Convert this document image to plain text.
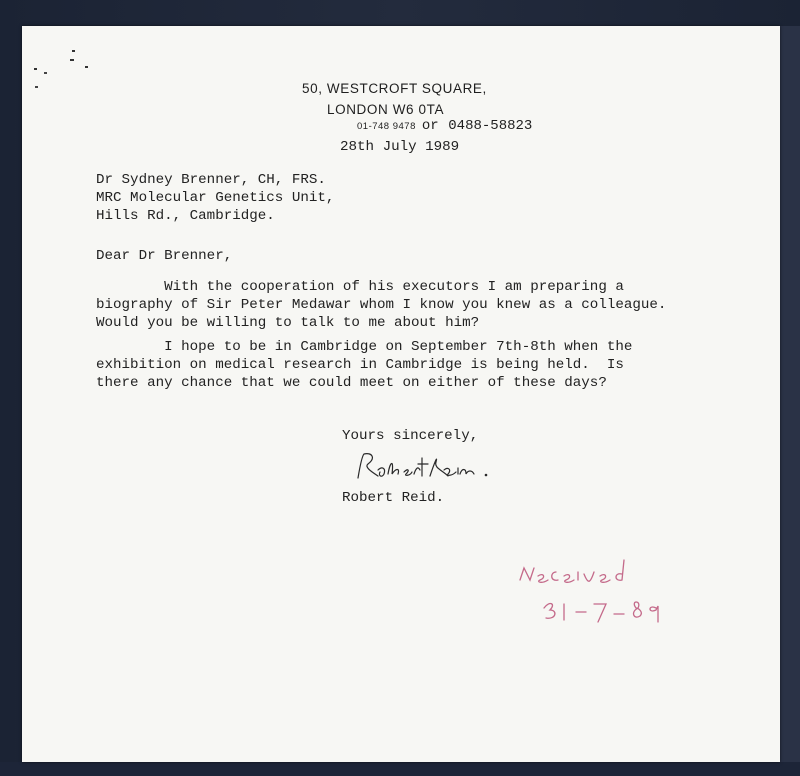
50, WESTCROFT SQUARE,
LONDON W6 0TA
01-748 9478 or 0488-58823
28th July 1989
Dr Sydney Brenner, CH, FRS.
MRC Molecular Genetics Unit,
Hills Rd., Cambridge.
Dear Dr Brenner,
With the cooperation of his executors I am preparing a
biography of Sir Peter Medawar whom I know you knew as a colleague.
Would you be willing to talk to me about him?
I hope to be in Cambridge on September 7th-8th when the
exhibition on medical research in Cambridge is being held.  Is
there any chance that we could meet on either of these days?
Yours sincerely,
Robert Reid.
